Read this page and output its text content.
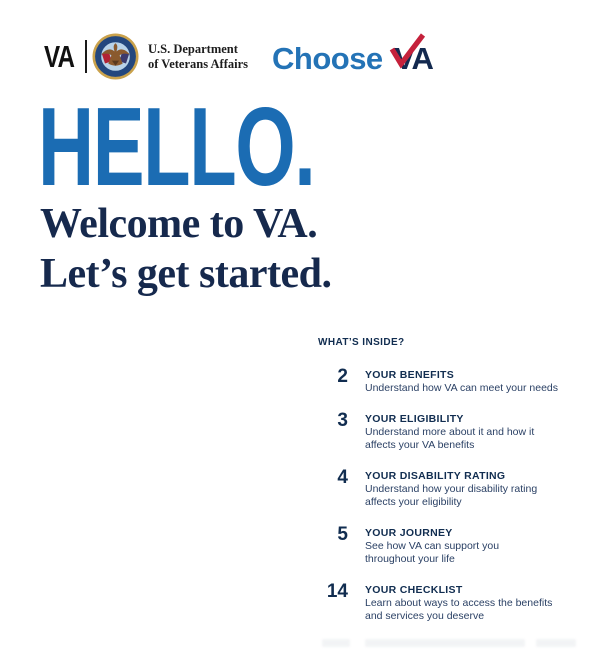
VA	U.S. Department
of Veterans Affairs Choose VA
HELLO.
Welcome to VA.
Let’s get started.
WHAT’S INSIDE?
2 YOUR BENEFITS
Understand how VA can meet your needs
3 YOUR ELIGIBILITY
Understand more about it and how it
affects your VA benefits
4 YOUR DISABILITY RATING
Understand how your disability rating
affects your eligibility
5 YOUR JOURNEY
See how VA can support you
throughout your life
14 YOUR CHECKLIST
Learn about ways to access the benefits
and services you deserve
